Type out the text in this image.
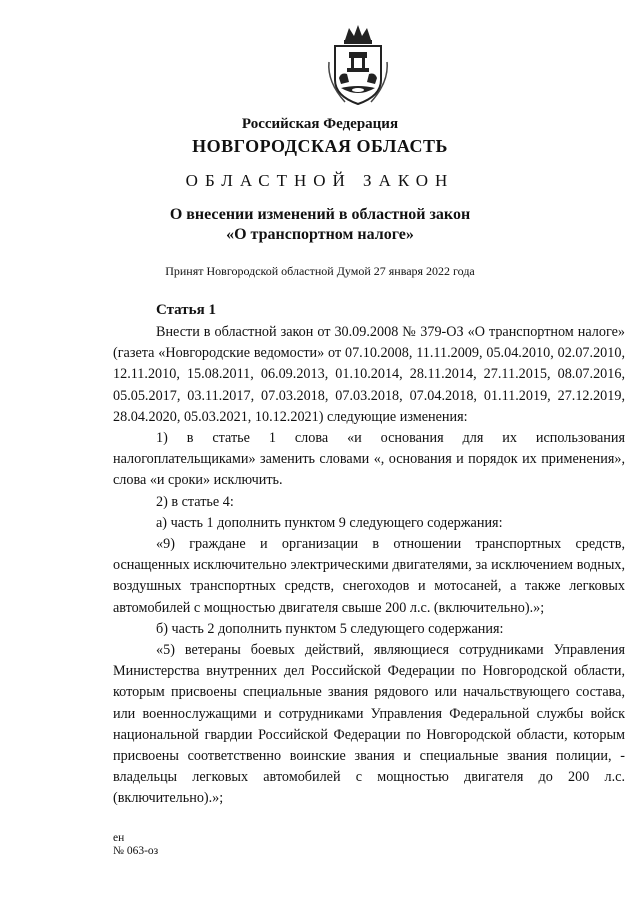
Российская Федерация
НОВГОРОДСКАЯ ОБЛАСТЬ
ОБЛАСТНОЙ ЗАКОН
О внесении изменений в областной закон
«О транспортном налоге»
Принят Новгородской областной Думой 27 января 2022 года
Статья 1

Внести в областной закон от 30.09.2008 № 379-ОЗ «О транспортном налоге» (газета «Новгородские ведомости» от 07.10.2008, 11.11.2009, 05.04.2010, 02.07.2010, 12.11.2010, 15.08.2011, 06.09.2013, 01.10.2014, 28.11.2014, 27.11.2015, 08.07.2016, 05.05.2017, 03.11.2017, 07.03.2018, 07.03.2018, 07.04.2018, 01.11.2019, 27.12.2019, 28.04.2020, 05.03.2021, 10.12.2021) следующие изменения:

1) в статье 1 слова «и основания для их использования налогоплательщиками» заменить словами «, основания и порядок их применения», слова «и сроки» исключить.

2) в статье 4:

а) часть 1 дополнить пунктом 9 следующего содержания:

«9) граждане и организации в отношении транспортных средств, оснащенных исключительно электрическими двигателями, за исключением водных, воздушных транспортных средств, снегоходов и мотосаней, а также легковых автомобилей с мощностью двигателя свыше 200 л.с. (включительно).»;

б) часть 2 дополнить пунктом 5 следующего содержания:

«5) ветераны боевых действий, являющиеся сотрудниками Управления Министерства внутренних дел Российской Федерации по Новгородской области, которым присвоены специальные звания рядового или начальствующего состава, или военнослужащими и сотрудниками Управления Федеральной службы войск национальной гвардии Российской Федерации по Новгородской области, которым присвоены соответственно воинские звания и специальные звания полиции, - владельцы легковых автомобилей с мощностью двигателя до 200 л.с. (включительно).»;

ен
№ 063-оз
